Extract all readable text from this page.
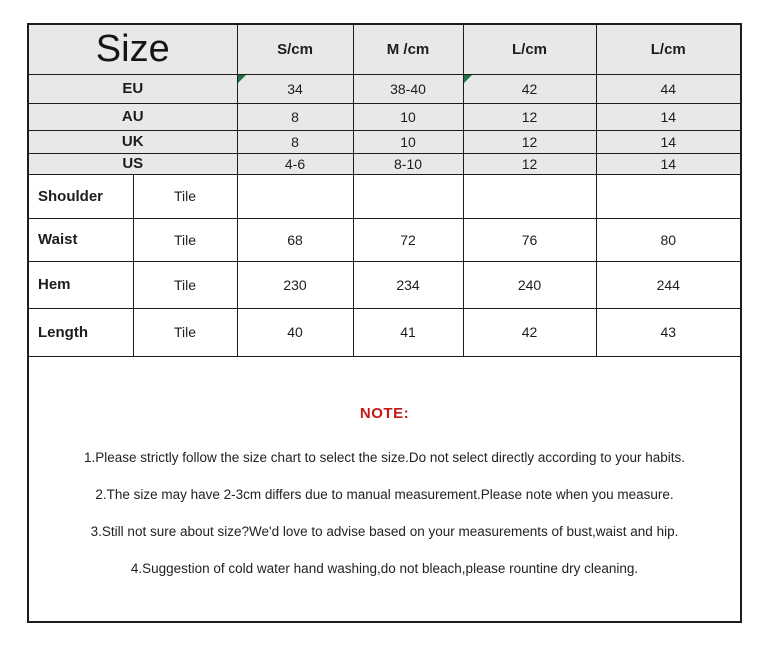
Size		S/cm	M /cm	L/cm	L/cm
EU		34	38-40	42	44
AU		8	10	12	14
UK		8	10	12	14
US		4-6	8-10	12	14
Shoulder	Tile				
Waist	Tile	68	72	76	80
Hem	Tile	230	234	240	244
Length	Tile	40	41	42	43

NOTE:
1.Please strictly follow the size chart to select the size.Do not select directly according to your habits.
2.The size may have 2-3cm differs due to manual measurement.Please note when you measure.
3.Still not sure about size?We'd love to advise based on your measurements of bust,waist and hip.
4.Suggestion of cold water hand washing,do not bleach,please rountine dry cleaning.					
